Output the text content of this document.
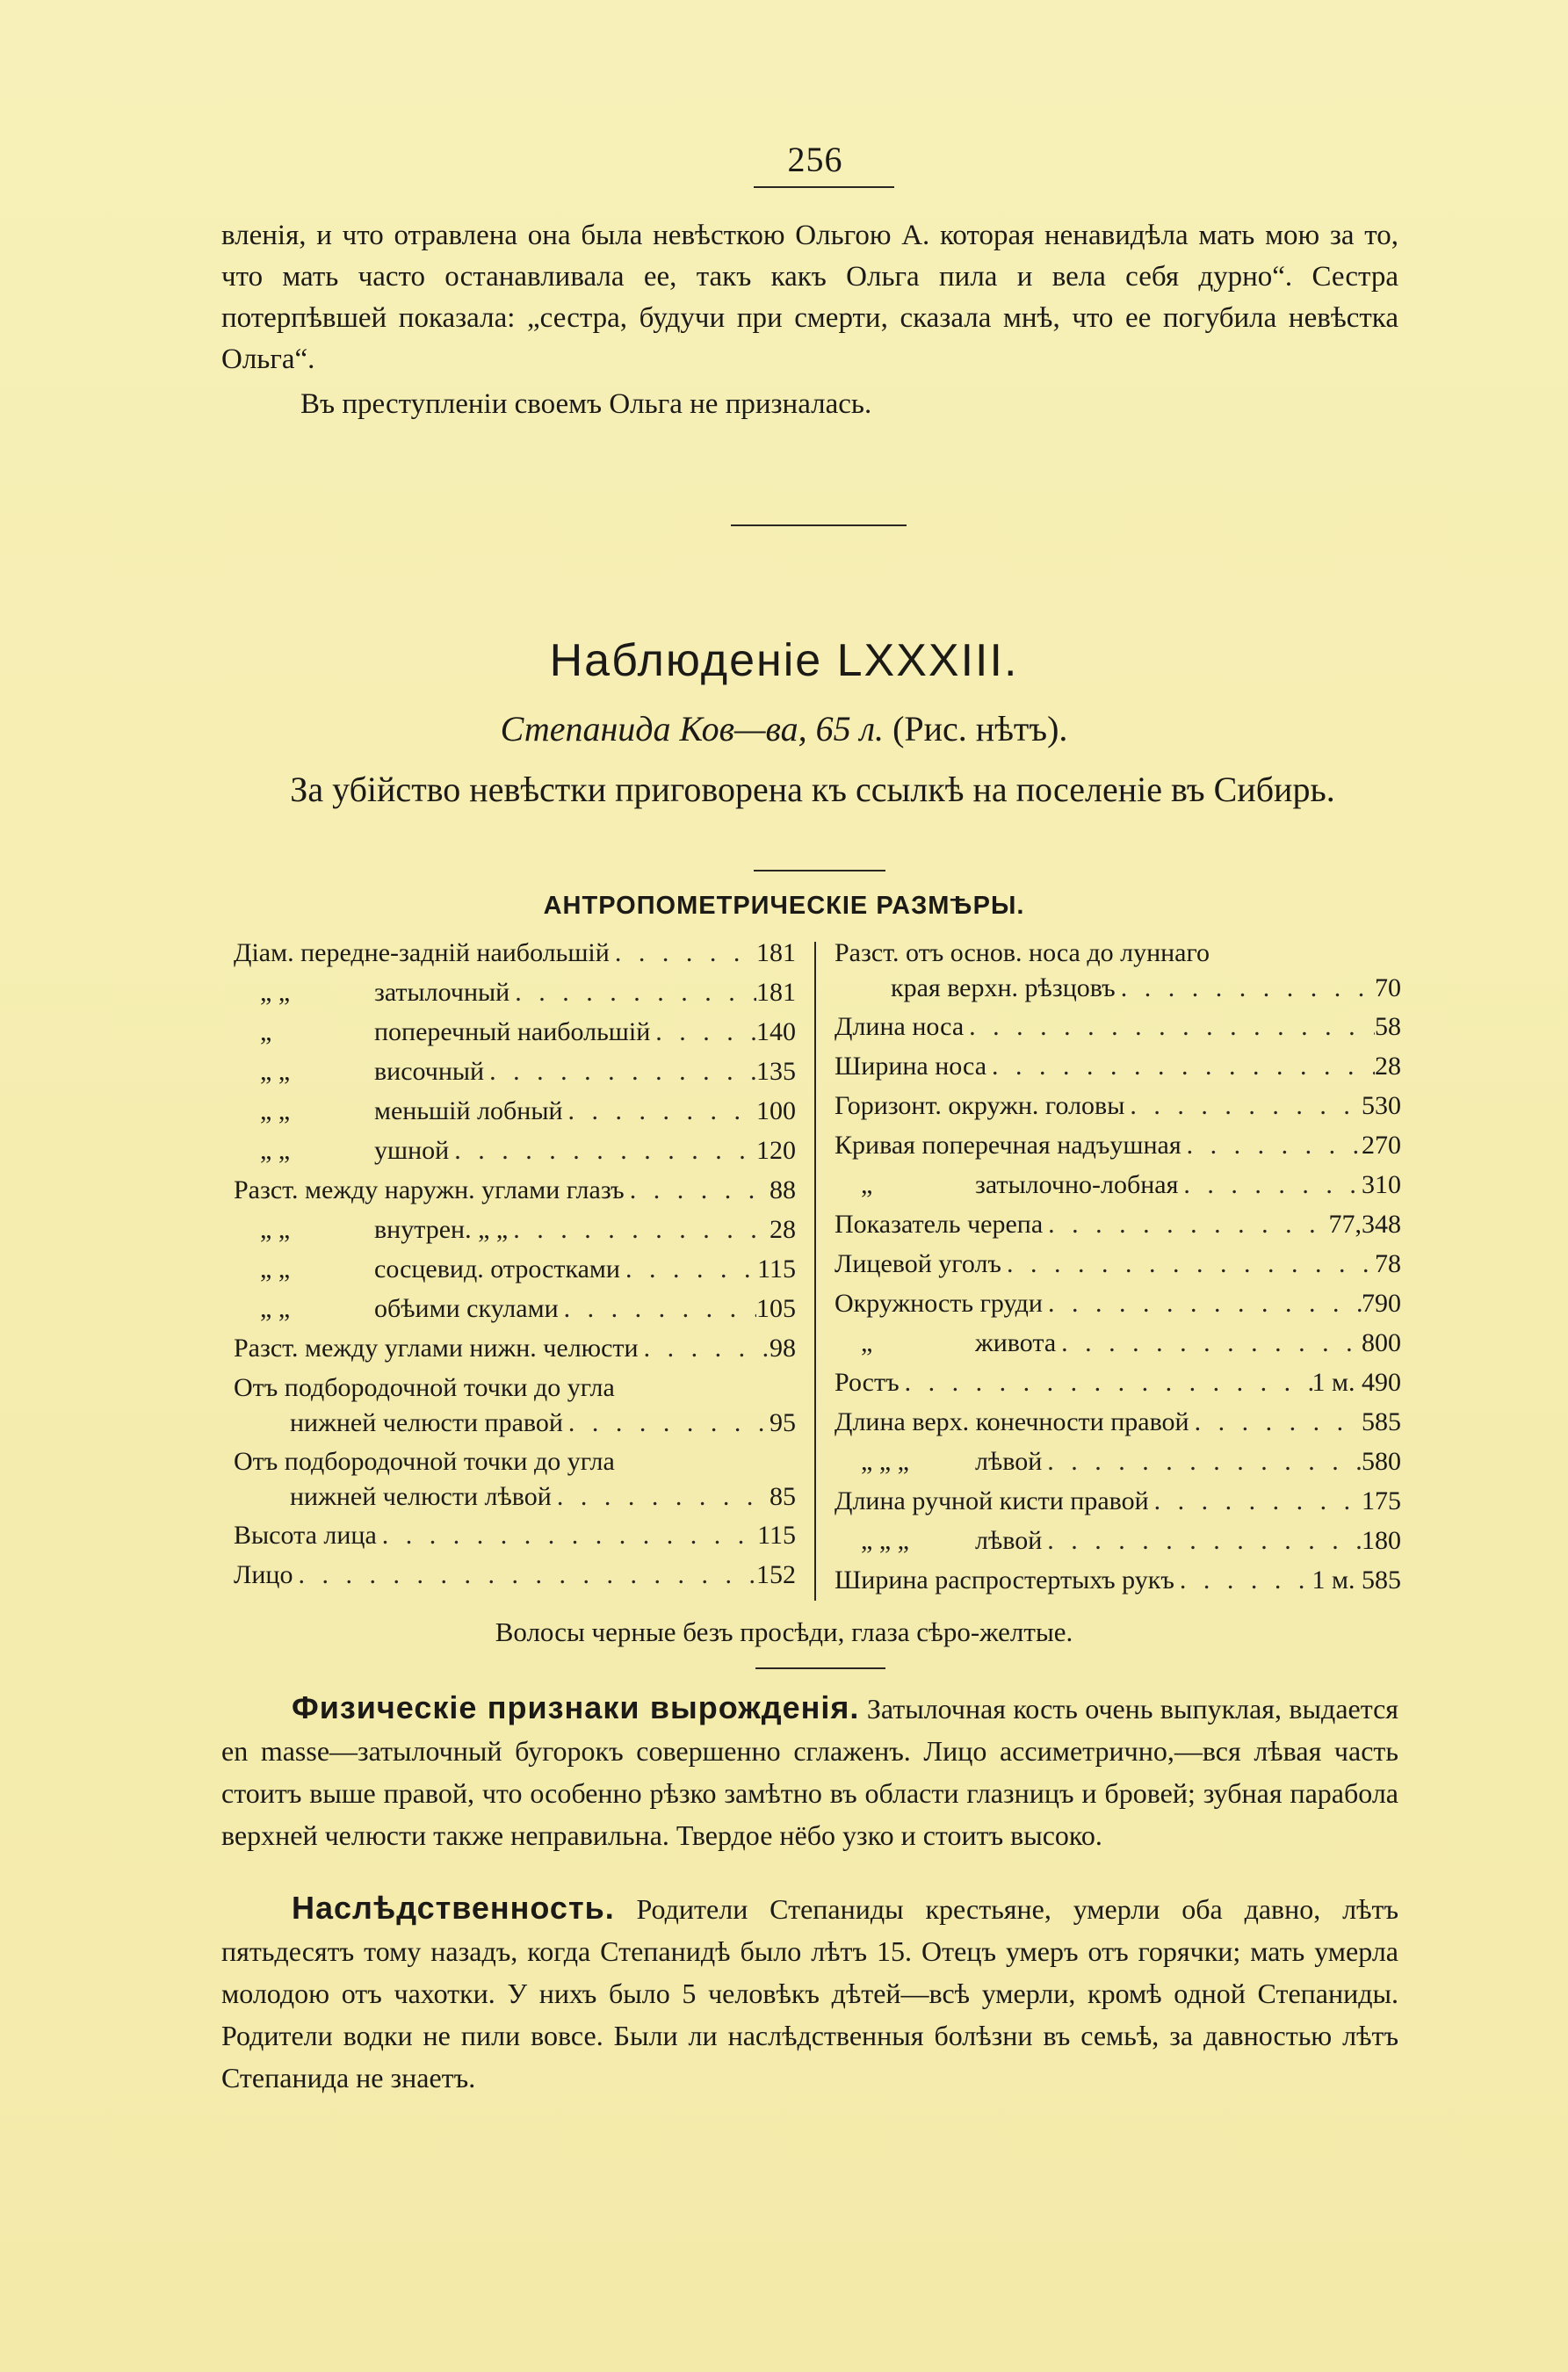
256
вленія, и что отравлена она была невѣсткою Ольгою А. которая ненавидѣла мать мою за то, что мать часто останавливала ее, такъ какъ Ольга пила и вела себя дурно“. Сестра потерпѣвшей показала: „сестра, будучи при смерти, сказала мнѣ, что ее погубила невѣстка Ольга“.
Въ преступленіи своемъ Ольга не призналась.
Наблюденіе LXXXIII.
Степанида Ков—ва, 65 л. (Рис. нѣтъ).
За убійство невѣстки приговорена къ ссылкѣ на поселеніе въ Сибирь.
АНТРОПОМЕТРИЧЕСКІЕ РАЗМѢРЫ.
Діам. передне-задній наибольшій . . .	181
„ „	затылочный . . .	181
„	поперечный наибольшій . . .	140
„ „	височный . . .	135
„ „	меньшій лобный . . .	100
„ „	ушной . . .	120
Разст. между наружн. углами глазъ . . .	88
„ „	внутрен. „ „ . . .	28
„ „	сосцевид. отростками . . .	115
„ „	обѣими скулами . . .	105
Разст. между углами нижн. челюсти . . .	98
Отъ подбородочной точки до угла
нижней челюсти правой . . .	95
Отъ подбородочной точки до угла
нижней челюсти лѣвой . . .	85
Высота лица . . .	115
Лицо . . .	152
Разст. отъ основ. носа до луннаго
края верхн. рѣзцовъ . . .	70
Длина носа . . .	58
Ширина носа . . .	28
Горизонт. окружн. головы . . .	530
Кривая поперечная надъушная . . .	270
„	затылочно-лобная . . .	310
Показатель черепа . . .	77,348
Лицевой уголъ . . .	78
Окружность груди . . .	790
„	живота . . .	800
Ростъ . . .	1 м. 490
Длина верх. конечности правой . . .	585
„ „ „	лѣвой . . .	580
Длина ручной кисти правой . . .	175
„ „ „	лѣвой . . .	180
Ширина распростертыхъ рукъ . . .	1 м. 585
Волосы черные безъ просѣди, глаза сѣро-желтые.
Физическіе признаки вырожденія. Затылочная кость очень выпуклая, выдается en masse—затылочный бугорокъ совершенно сглаженъ. Лицо ассиметрично,—вся лѣвая часть стоитъ выше правой, что особенно рѣзко замѣтно въ области глазницъ и бровей; зубная парабола верхней челюсти также неправильна. Твердое нёбо узко и стоитъ высоко.
Наслѣдственность. Родители Степаниды крестьяне, умерли оба давно, лѣтъ пятьдесятъ тому назадъ, когда Степанидѣ было лѣтъ 15. Отецъ умеръ отъ горячки; мать умерла молодою отъ чахотки. У нихъ было 5 человѣкъ дѣтей—всѣ умерли, кромѣ одной Степаниды. Родители водки не пили вовсе. Были ли наслѣдственныя болѣзни въ семьѣ, за давностью лѣтъ Степанида не знаетъ.
